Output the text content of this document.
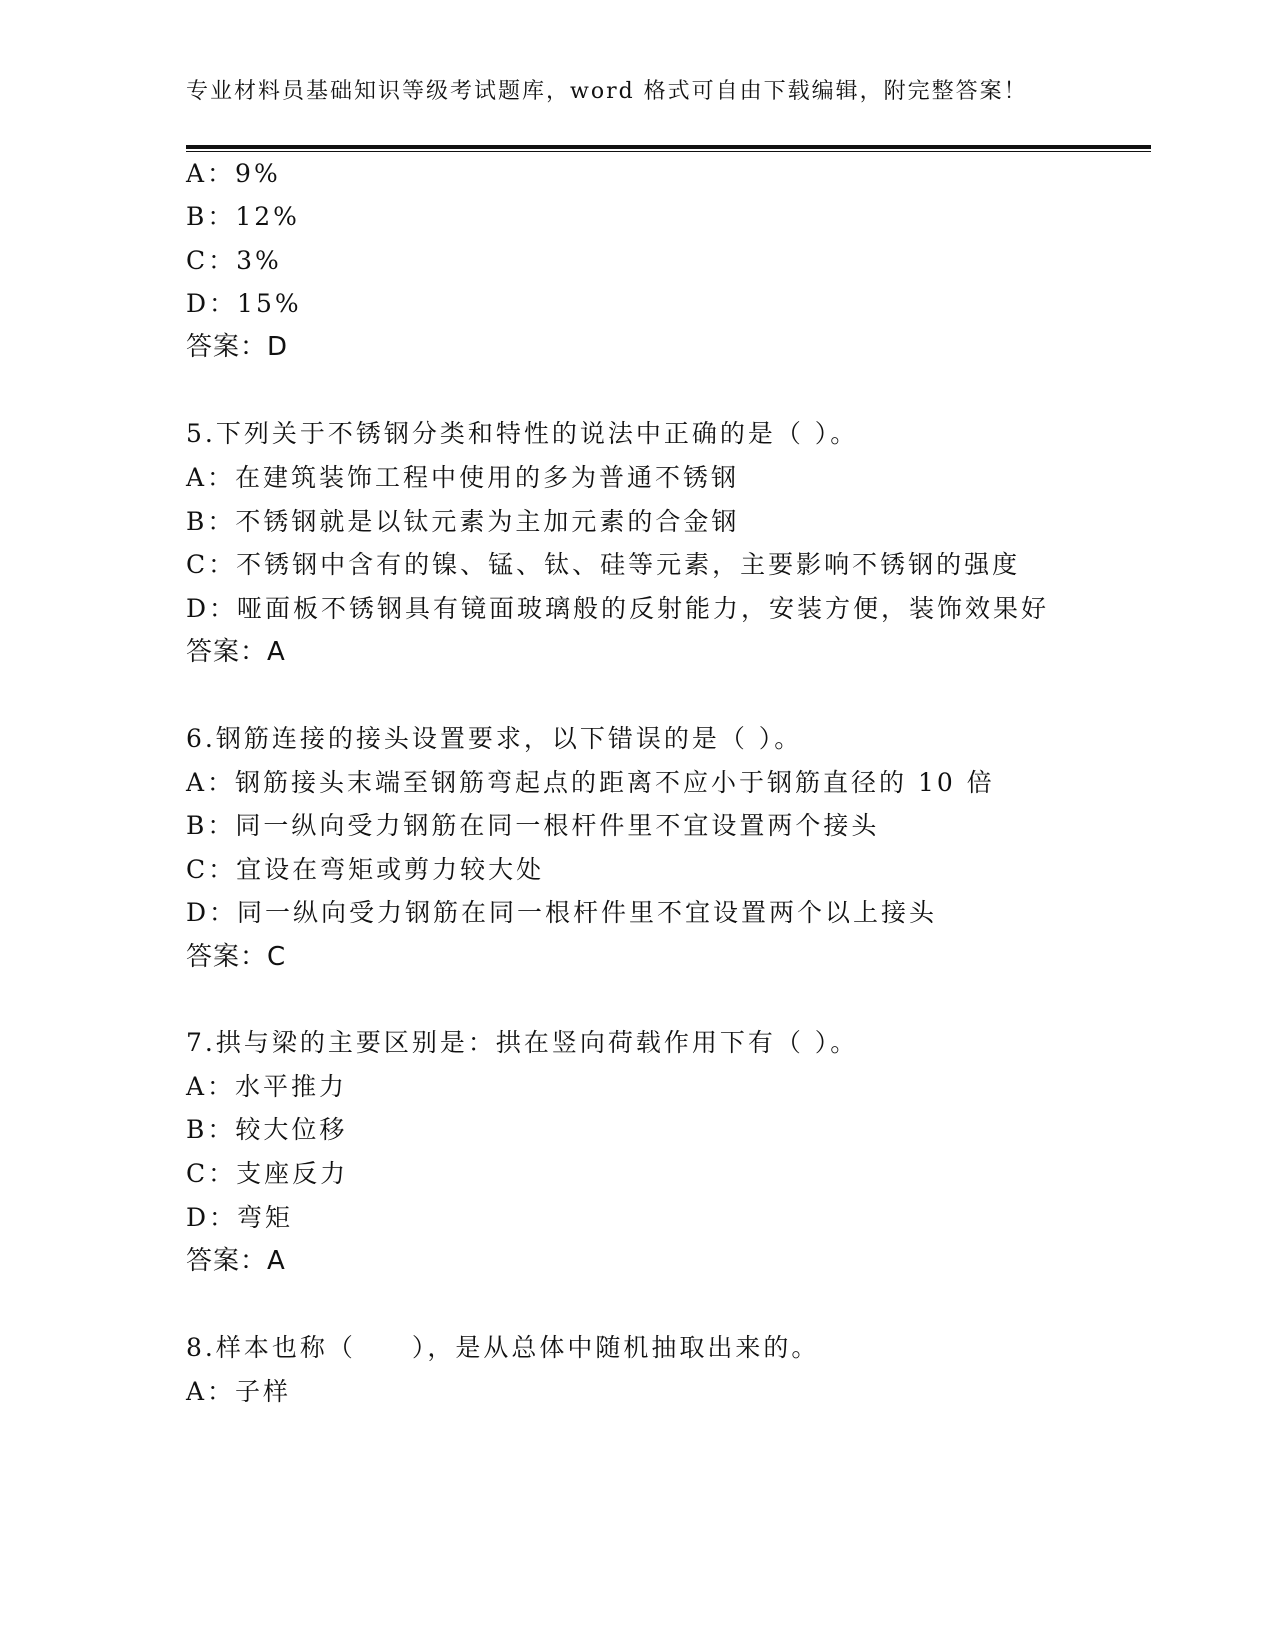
专业材料员基础知识等级考试题库，word 格式可自由下载编辑，附完整答案！
A：9%
B：12%
C：3%
D：15%
答案：D
5.下列关于不锈钢分类和特性的说法中正确的是（ ）。
A：在建筑装饰工程中使用的多为普通不锈钢
B：不锈钢就是以钛元素为主加元素的合金钢
C：不锈钢中含有的镍、锰、钛、硅等元素，主要影响不锈钢的强度
D：哑面板不锈钢具有镜面玻璃般的反射能力，安装方便，装饰效果好
答案：A
6.钢筋连接的接头设置要求，以下错误的是（ ）。
A：钢筋接头末端至钢筋弯起点的距离不应小于钢筋直径的 10 倍
B：同一纵向受力钢筋在同一根杆件里不宜设置两个接头
C：宜设在弯矩或剪力较大处
D：同一纵向受力钢筋在同一根杆件里不宜设置两个以上接头
答案：C
7.拱与梁的主要区别是：拱在竖向荷载作用下有（ ）。
A：水平推力
B：较大位移
C：支座反力
D：弯矩
答案：A
8.样本也称（　　），是从总体中随机抽取出来的。
A：子样
